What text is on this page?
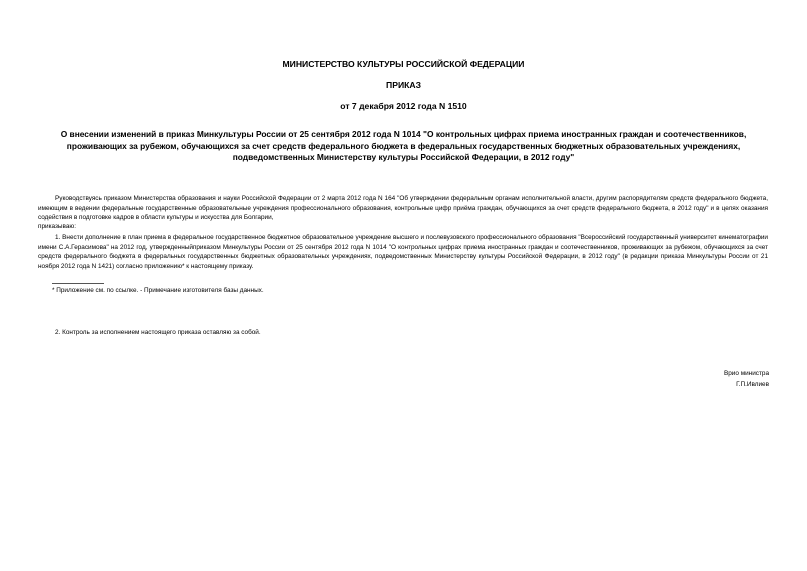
МИНИСТЕРСТВО КУЛЬТУРЫ РОССИЙСКОЙ ФЕДЕРАЦИИ
ПРИКАЗ
от 7 декабря 2012 года N 1510
О внесении изменений в приказ Минкультуры России от 25 сентября 2012 года N 1014 "О контрольных цифрах приема иностранных граждан и соотечественников, проживающих за рубежом, обучающихся за счет средств федерального бюджета в федеральных государственных бюджетных образовательных учреждениях, подведомственных Министерству культуры Российской Федерации, в 2012 году"
Руководствуясь приказом Министерства образования и науки Российской Федерации от 2 марта 2012 года N 164 "Об утверждении федеральным органам исполнительной власти, другим распорядителям средств федерального бюджета, имеющим в ведении федеральные государственные образовательные учреждения профессионального образования, контрольные цифр приёма граждан, обучающихся за счет средств федерального бюджета, в 2012 году" и в целях оказания содействия в подготовке кадров в области культуры и искусства для Болгарии,
приказываю:
1. Внести дополнение в план приема в федеральное государственное бюджетное образовательное учреждение высшего и послевузовского профессионального образования "Всероссийский государственный университет кинематографии имени С.А.Герасимова" на 2012 год, утвержденныйприказом Минкультуры России от 25 сентября 2012 года N 1014 "О контрольных цифрах приема иностранных граждан и соотечественников, проживающих за рубежом, обучающихся за счет средств федерального бюджета в федеральных государственных бюджетных образовательных учреждениях, подведомственных Министерству культуры Российской Федерации, в 2012 году" (в редакции приказа Минкультуры России от 21 ноября 2012 года N 1421) согласно приложению* к настоящему приказу.
* Приложение см. по ссылке. - Примечание изготовителя базы данных.
2. Контроль за исполнением настоящего приказа оставляю за собой.
Врио министра
Г.П.Ивлиев
